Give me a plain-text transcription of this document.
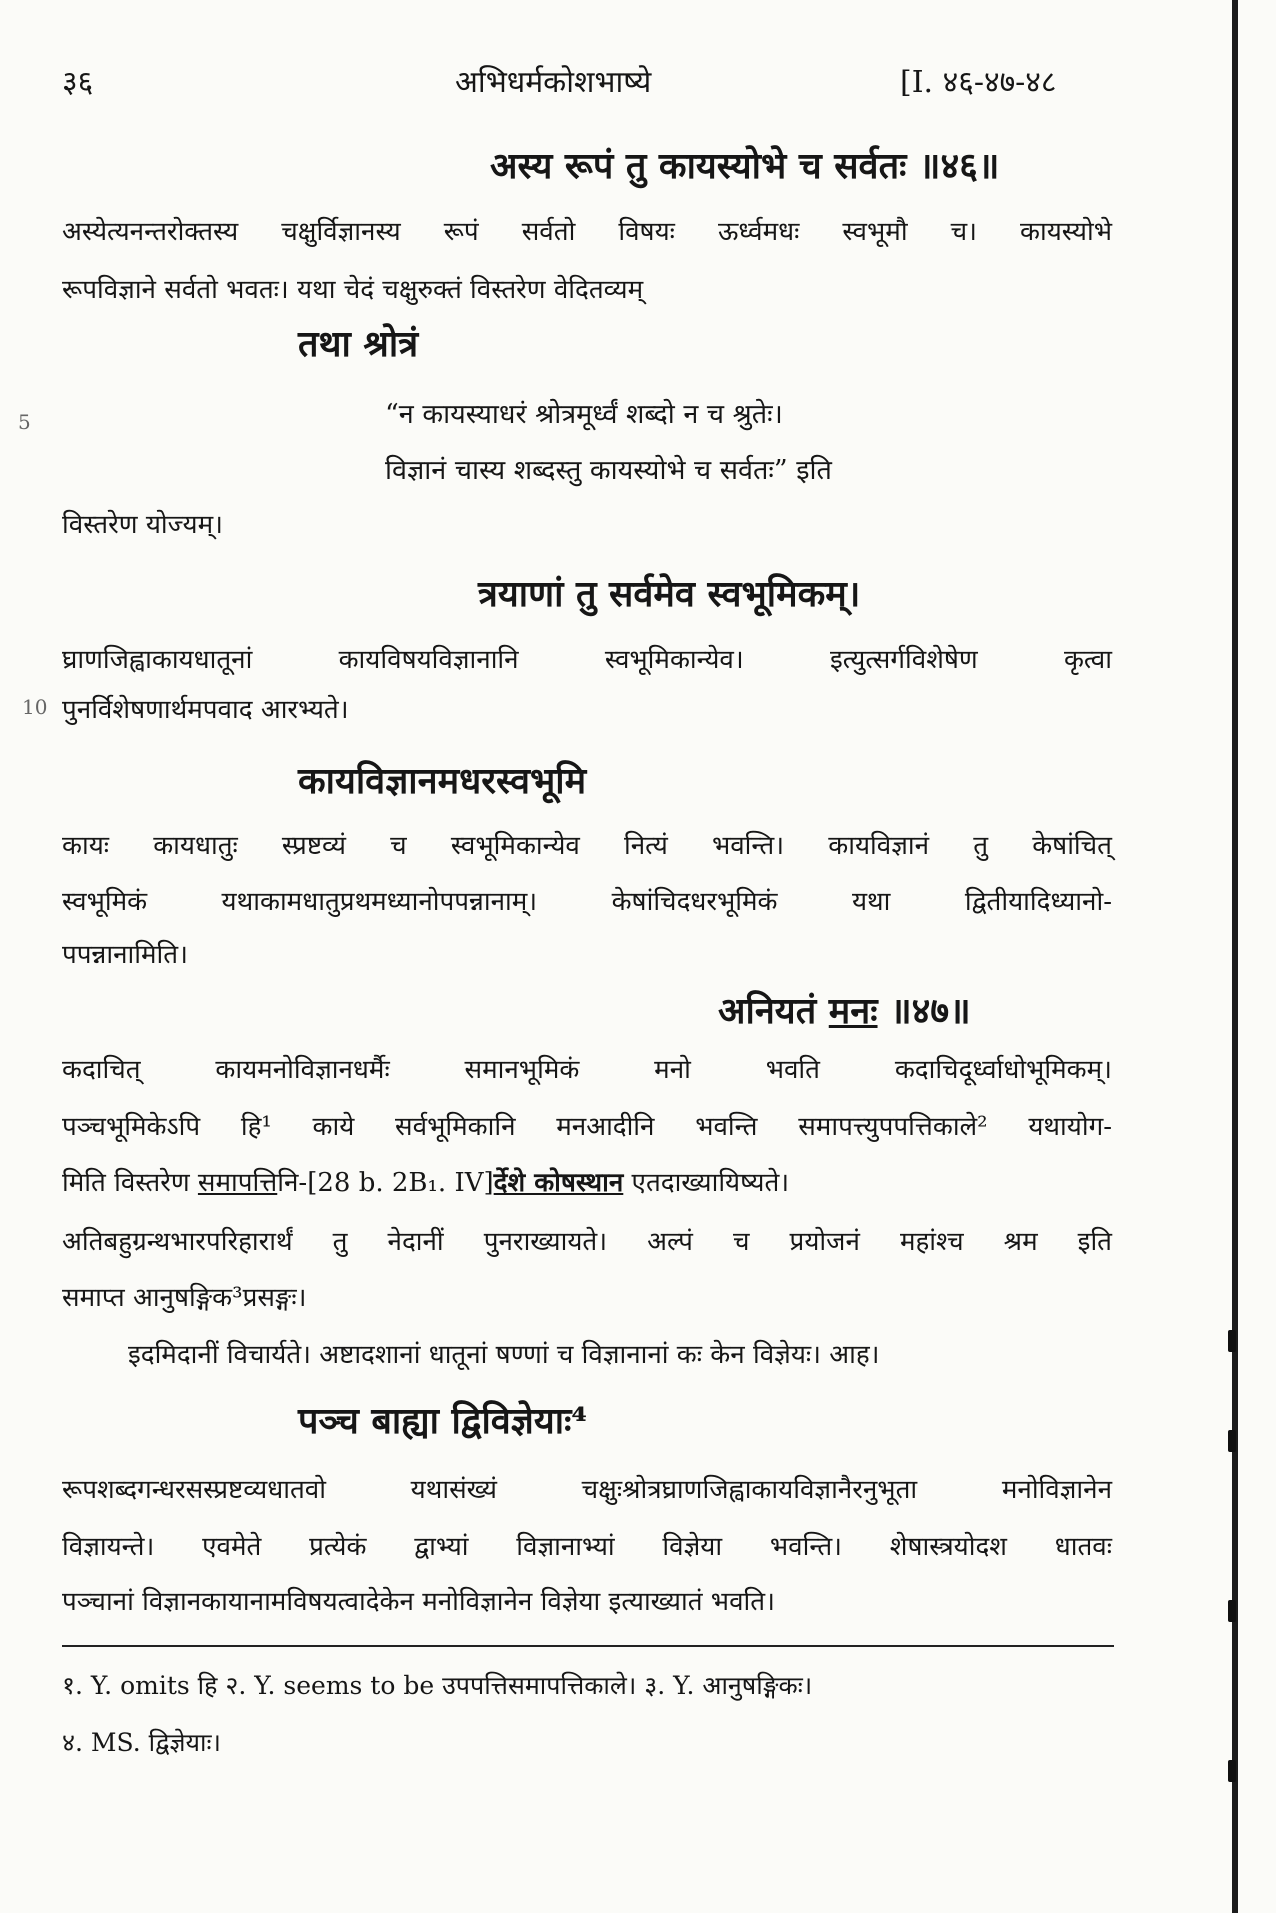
३६	अभिधर्मकोशभाष्ये	[I. ४६-४७-४८
अस्य रूपं तु कायस्योभे च सर्वतः ॥४६॥
अस्येत्यनन्तरोक्तस्य चक्षुर्विज्ञानस्य रूपं सर्वतो विषयः ऊर्ध्वमधः स्वभूमौ च। कायस्योभे
रूपविज्ञाने सर्वतो भवतः। यथा चेदं चक्षुरुक्तं विस्तरेण वेदितव्यम्
तथा श्रोत्रं
5	“न कायस्याधरं श्रोत्रमूर्ध्वं शब्दो न च श्रुतेः।
विज्ञानं चास्य शब्दस्तु कायस्योभे च सर्वतः” इति
विस्तरेण योज्यम्।
त्रयाणां तु सर्वमेव स्वभूमिकम्।
घ्राणजिह्वाकायधातूनां कायविषयविज्ञानानि स्वभूमिकान्येव। इत्युत्सर्गविशेषेण कृत्वा
10 पुनर्विशेषणार्थमपवाद आरभ्यते।
कायविज्ञानमधरस्वभूमि
कायः कायधातुः स्प्रष्टव्यं च स्वभूमिकान्येव नित्यं भवन्ति। कायविज्ञानं तु केषांचित्
स्वभूमिकं यथाकामधातुप्रथमध्यानोपपन्नानाम्। केषांचिदधरभूमिकं यथा द्वितीयादिध्यानो-
पपन्नानामिति।
अनियतं मनः ॥४७॥
कदाचित् कायमनोविज्ञानधर्मैः समानभूमिकं मनो भवति कदाचिदूर्ध्वाधोभूमिकम्।
पञ्चभूमिकेऽपि हि¹ काये सर्वभूमिकानि मनआदीनि भवन्ति समापत्त्युपपत्तिकाले² यथायोग-
मिति विस्तरेण समापत्तिनि-[28 b. 2B₁. IV]र्देशे कोषस्थान एतदाख्यायिष्यते।
अतिबहुग्रन्थभारपरिहारार्थं तु नेदानीं पुनराख्यायते। अल्पं च प्रयोजनं महांश्च श्रम इति
समाप्त आनुषङ्गिक³प्रसङ्गः।
इदमिदानीं विचार्यते। अष्टादशानां धातूनां षण्णां च विज्ञानानां कः केन विज्ञेयः। आह।
पञ्च बाह्या द्विविज्ञेयाः⁴
रूपशब्दगन्धरसस्प्रष्टव्यधातवो यथासंख्यं चक्षुःश्रोत्रघ्राणजिह्वाकायविज्ञानैरनुभूता मनोविज्ञानेन
विज्ञायन्ते। एवमेते प्रत्येकं द्वाभ्यां विज्ञानाभ्यां विज्ञेया भवन्ति। शेषास्त्रयोदश धातवः
पञ्चानां विज्ञानकायानामविषयत्वादेकेन मनोविज्ञानेन विज्ञेया इत्याख्यातं भवति।
१. Y. omits हि २. Y. seems to be उपपत्तिसमापत्तिकाले। ३. Y. आनुषङ्गिकः।
४. MS. द्विज्ञेयाः।
